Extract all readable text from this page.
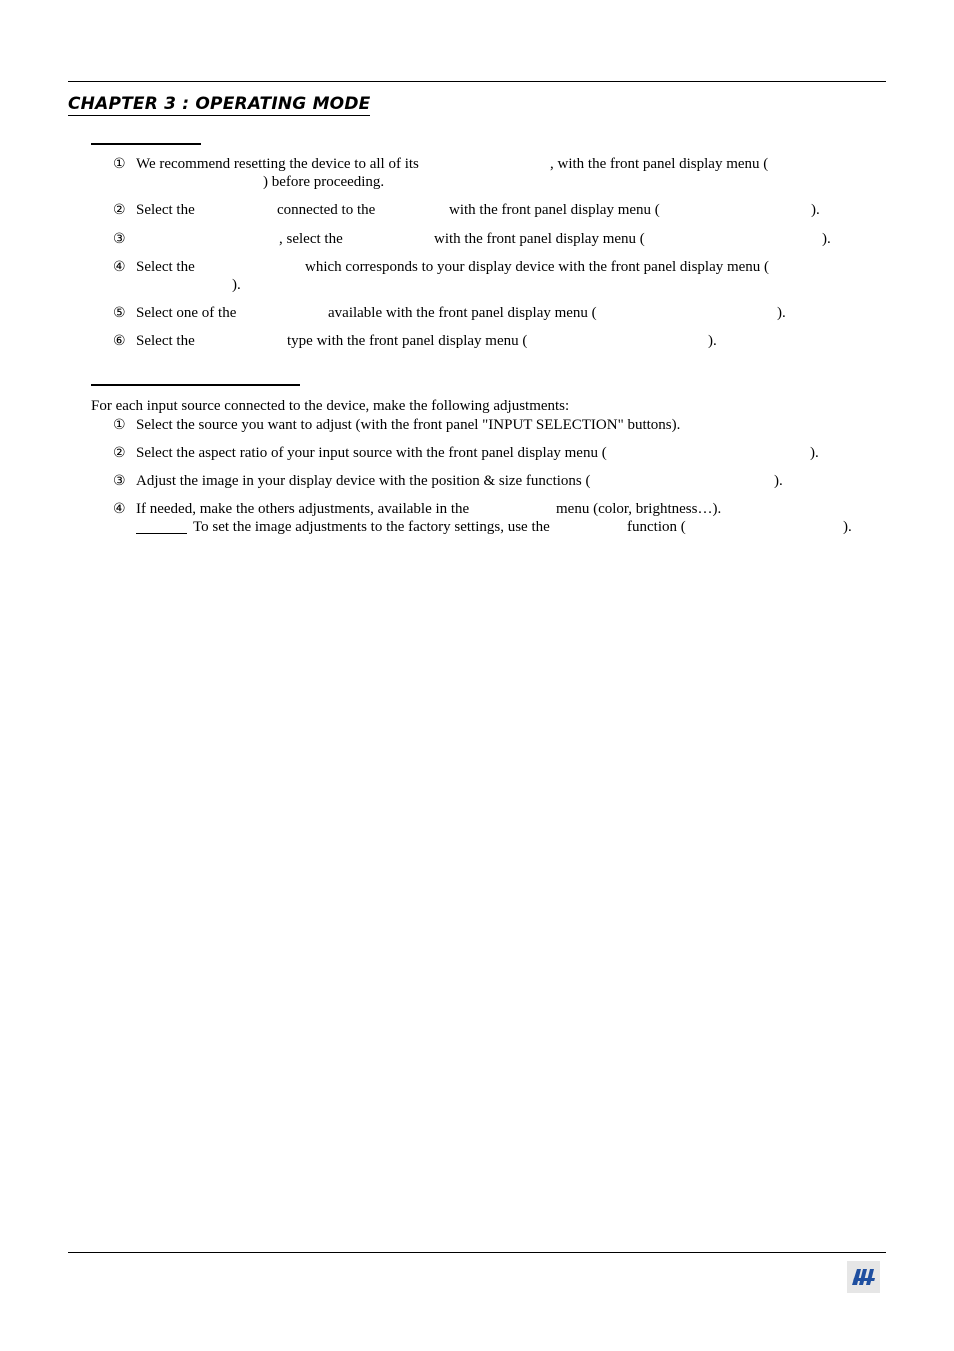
CHAPTER 3 : OPERATING MODE
① We recommend resetting the device to all of its	, with the front panel display menu (
) before proceeding.
② Select the	connected to the	with the front panel display menu (	).
③	, select the	with the front panel display menu (	).
④ Select the	which corresponds to your display device with the front panel display menu (
).
⑤ Select one of the	available with the front panel display menu (	).
⑥ Select the	type with the front panel display menu (	).
For each input source connected to the device, make the following adjustments:
① Select the source you want to adjust (with the front panel "INPUT SELECTION" buttons).
② Select the aspect ratio of your input source with the front panel display menu (	).
③ Adjust the image in your display device with the position & size functions (	).
④ If needed, make the others adjustments, available in the	menu (color, brightness…).
To set the image adjustments to the factory settings, use the	function (	).
